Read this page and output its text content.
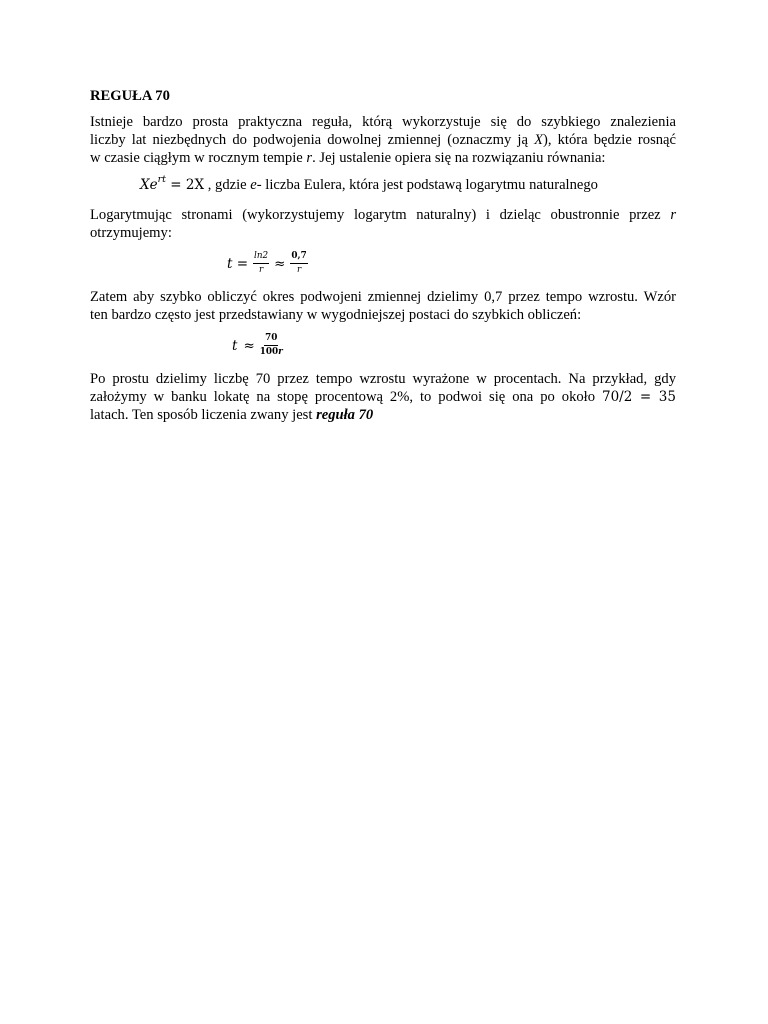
REGUŁA 70

Istnieje bardzo prosta praktyczna reguła, którą wykorzystuje się do szybkiego znalezienia
liczby lat niezbędnych do podwojenia dowolnej zmiennej (oznaczmy ją X), która będzie rosnąć
w czasie ciągłym w rocznym tempie r. Jej ustalenie opiera się na rozwiązaniu równania:

$Xe^{rt} = 2X$ , gdzie e- liczba Eulera, która jest podstawą logarytmu naturalnego

Logarytmując stronami (wykorzystujemy logarytm naturalny) i dzieląc obustronnie przez r
otrzymujemy:

$t = \frac{\ln 2}{r} \approx \frac{0,7}{r}$

Zatem aby szybko obliczyć okres podwojeni zmiennej dzielimy 0,7 przez tempo wzrostu. Wzór
ten bardzo często jest przedstawiany w wygodniejszej postaci do szybkich obliczeń:

$t \approx \frac{70}{100r}$

Po prostu dzielimy liczbę 70 przez tempo wzrostu wyrażone w procentach. Na przykład, gdy
założymy w banku lokatę na stopę procentową 2%, to podwoi się ona po około 70/2 = 35
latach. Ten sposób liczenia zwany jest reguła 70
